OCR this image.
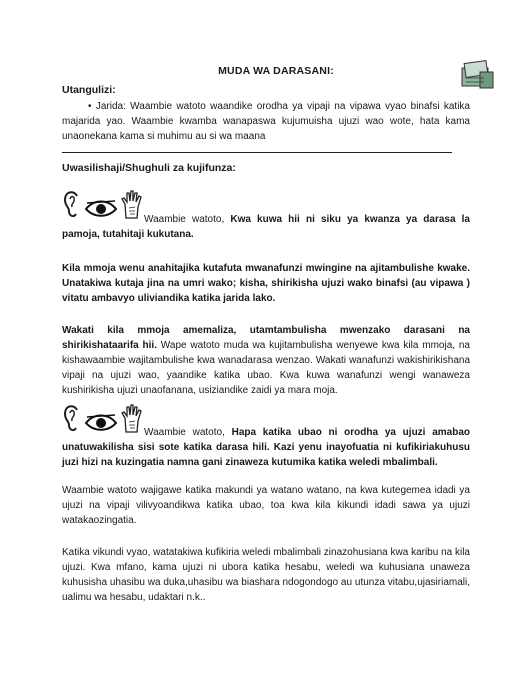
MUDA WA DARASANI:
Utangulizi:

• Jarida: Waambie watoto waandike orodha ya vipaji na vipawa vyao binafsi katika majarida yao. Waambie kwamba wanapaswa kujumuisha ujuzi wao wote, hata kama unaonekana kama si muhimu au si wa maana

Uwasilishaji/Shughuli za kujifunza:

Waambie watoto, Kwa kuwa hii ni siku ya kwanza ya darasa la pamoja, tutahitaji kukutana.

Kila mmoja wenu anahitajika kutafuta mwanafunzi mwingine na ajitambulishe kwake. Unatakiwa kutaja jina na umri wako; kisha, shirikisha ujuzi wako binafsi (au vipawa ) vitatu ambavyo uliviandika katika jarida lako.

Wakati kila mmoja amemaliza, utamtambulisha mwenzako darasani na shirikishataarifa hii. Wape watoto muda wa kujitambulisha wenyewe kwa kila mmoja, na kishawaambie wajitambulishe kwa wanadarasa wenzao. Wakati wanafunzi wakishirikishana vipaji na ujuzi wao, yaandike katika ubao. Kwa kuwa wanafunzi wengi wanaweza kushirikisha ujuzi unaofanana, usiziandike zaidi ya mara moja.

Waambie watoto, Hapa katika ubao ni orodha ya ujuzi amabao unatuwakilisha sisi sote katika darasa hili. Kazi yenu inayofuatia ni kufikiriakuhusu juzi hizi na kuzingatia namna gani zinaweza kutumika katika weledi mbalimbali.

Waambie watoto wajigawe katika makundi ya watano watano, na kwa kutegemea idadi ya ujuzi na vipaji vilivyoandikwa katika ubao, toa kwa kila kikundi idadi sawa ya ujuzi watakaozingatia.

Katika vikundi vyao, watatakiwa kufikiria weledi mbalimbali zinazohusiana kwa karibu na kila ujuzi. Kwa mfano, kama ujuzi ni ubora katika hesabu, weledi wa kuhusiana unaweza kuhusisha uhasibu wa duka,uhasibu wa biashara ndogondogo au utunza vitabu,ujasiriamali, ualimu wa hesabu, udaktari n.k..
